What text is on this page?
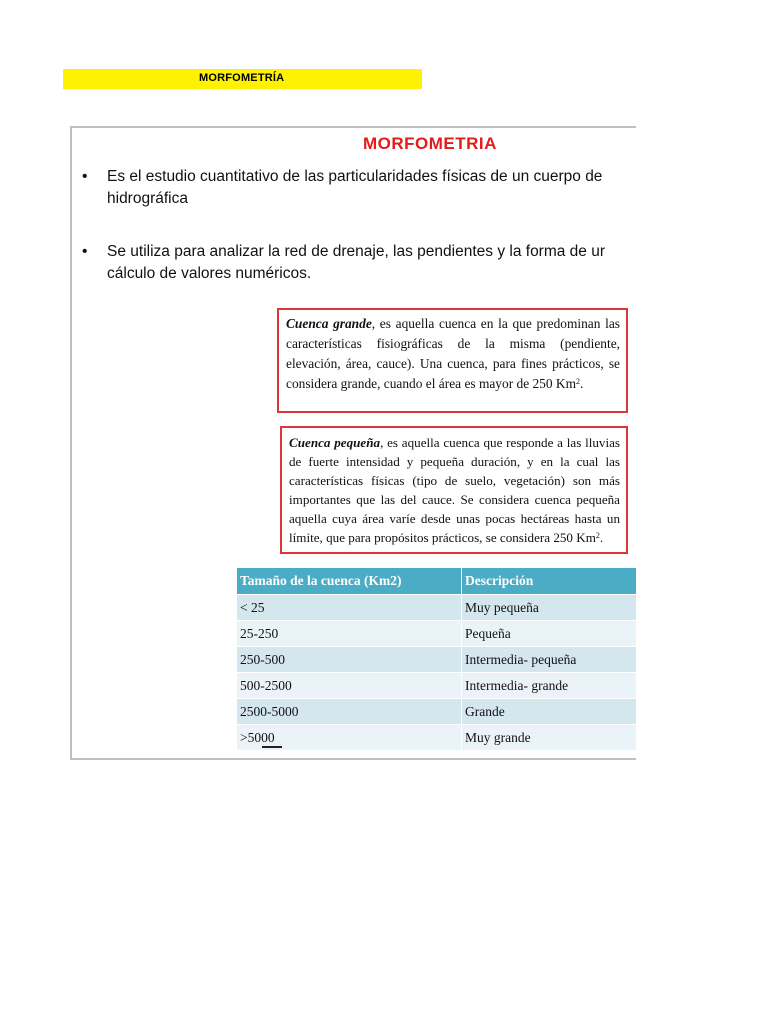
MORFOMETRÍA
MORFOMETRIA
• Es el estudio cuantitativo de las particularidades físicas de un cuerpo de
hidrográfica
• Se utiliza para analizar la red de drenaje, las pendientes y la forma de ur
cálculo de valores numéricos.
Cuenca grande, es aquella cuenca en la que predominan las características fisiográficas de la misma (pendiente, elevación, área, cauce). Una cuenca, para fines prácticos, se considera grande, cuando el área es mayor de 250 Km$^2$.
Cuenca pequeña, es aquella cuenca que responde a las lluvias de fuerte intensidad y pequeña duración, y en la cual las características físicas (tipo de suelo, vegetación) son más importantes que las del cauce. Se considera cuenca pequeña aquella cuya área varíe desde unas pocas hectáreas hasta un límite, que para propósitos prácticos, se considera 250 Km$^2$.
Tamaño de la cuenca (Km2)	Descripción
< 25	Muy pequeña
25-250	Pequeña
250-500	Intermedia- pequeña
500-2500	Intermedia- grande
2500-5000	Grande
>5000	Muy grande
